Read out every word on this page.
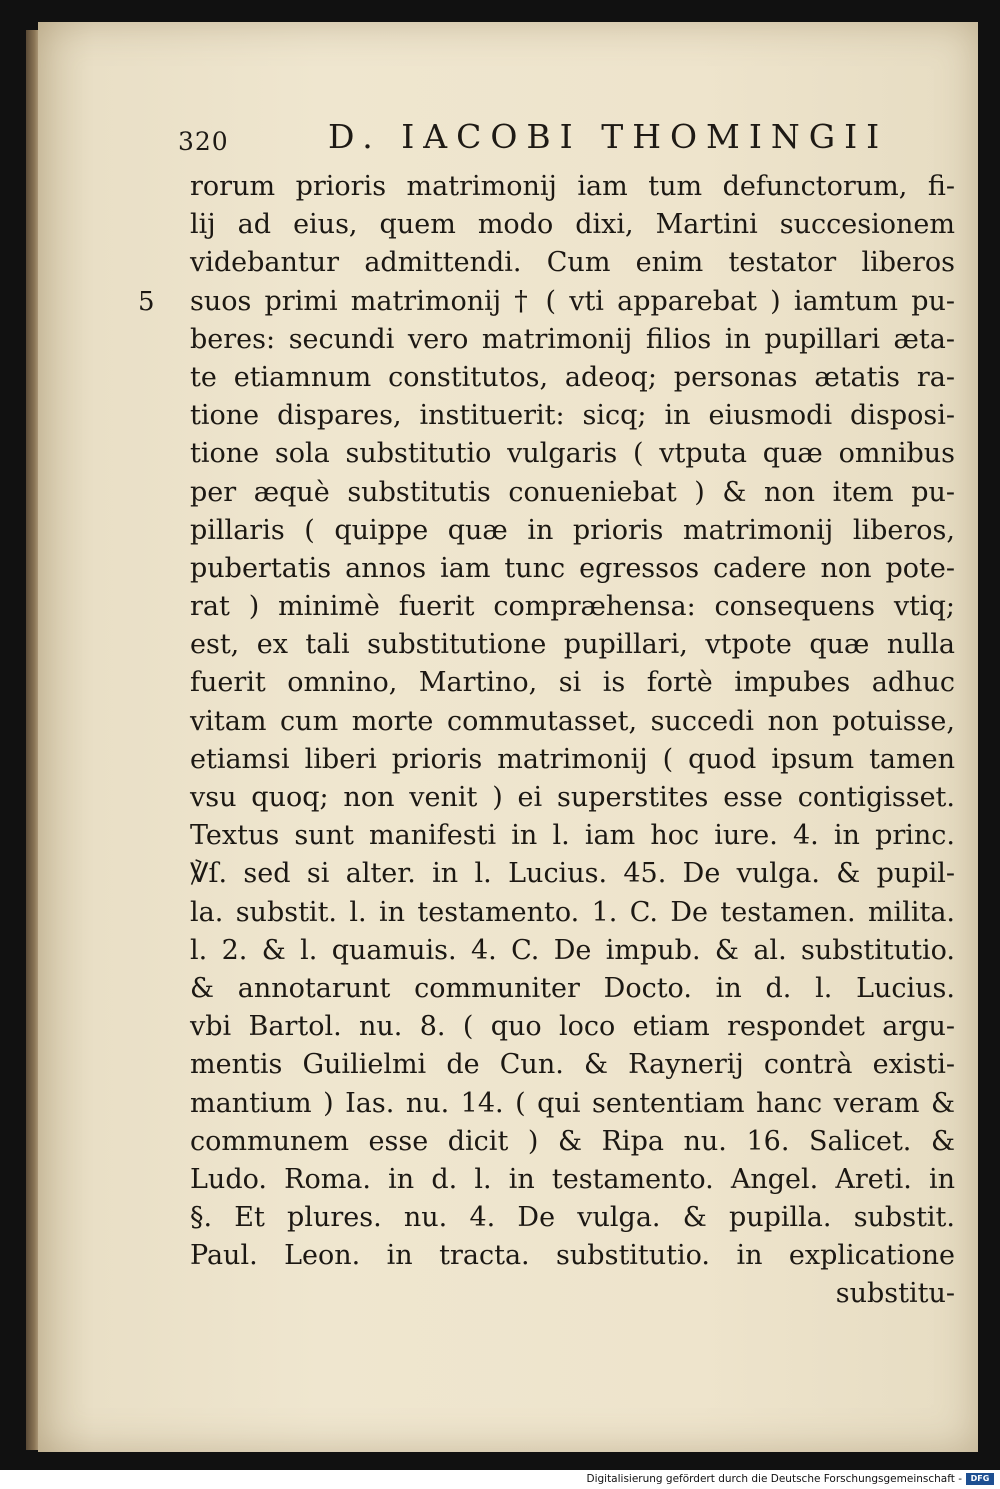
320	D. IACOBI THOMINGII
5
rorum prioris matrimonij iam tum defunctorum, fi-
lij ad eius, quem modo dixi, Martini succesionem
videbantur admittendi. Cum enim testator liberos
suos primi matrimonij † ( vti apparebat ) iamtum pu-
beres: secundi vero matrimonij filios in pupillari æta-
te etiamnum constitutos, adeoq; personas ætatis ra-
tione dispares, instituerit: sicq; in eiusmodi disposi-
tione sola substitutio vulgaris ( vtputa quæ omnibus
per æquè substitutis conueniebat ) & non item pu-
pillaris ( quippe quæ in prioris matrimonij liberos,
pubertatis annos iam tunc egressos cadere non pote-
rat ) minimè fuerit compræhensa: consequens vtiq;
est, ex tali substitutione pupillari, vtpote quæ nulla
fuerit omnino, Martino, si is fortè impubes adhuc
vitam cum morte commutasset, succedi non potuisse,
etiamsi liberi prioris matrimonij ( quod ipsum tamen
vsu quoq; non venit ) ei superstites esse contigisset.
Textus sunt manifesti in l. iam hoc iure. 4. in princ.
℣ſ. sed si alter. in l. Lucius. 45. De vulga. & pupil-
la. substit. l. in testamento. 1. C. De testamen. milita.
l. 2. & l. quamuis. 4. C. De impub. & al. substitutio.
& annotarunt communiter Docto. in d. l. Lucius.
vbi Bartol. nu. 8. ( quo loco etiam respondet argu-
mentis Guilielmi de Cun. & Raynerij contrà existi-
mantium ) Ias. nu. 14. ( qui sententiam hanc veram &
communem esse dicit ) & Ripa nu. 16. Salicet. &
Ludo. Roma. in d. l. in testamento. Angel. Areti. in
§. Et plures. nu. 4. De vulga. & pupilla. substit.
Paul. Leon. in tracta. substitutio. in explicatione
substitu-
Digitalisierung gefördert durch die Deutsche Forschungsgemeinschaft -	DFG
